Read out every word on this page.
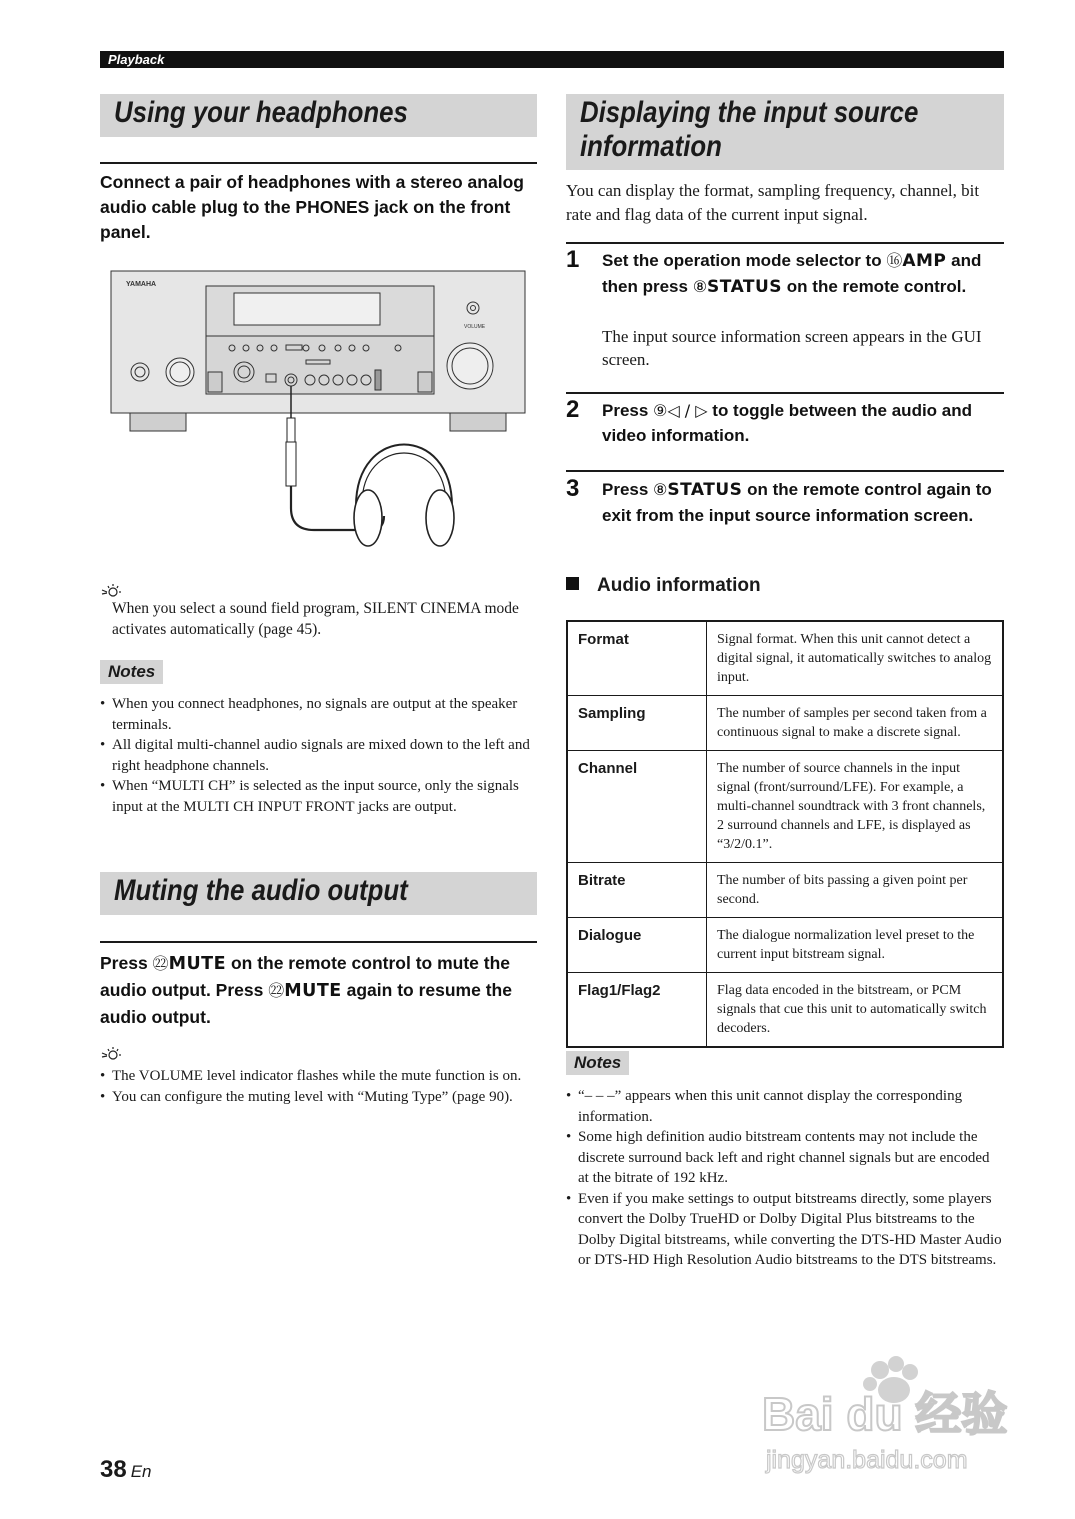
Playback
Using your headphones
Connect a pair of headphones with a stereo analog audio cable plug to the PHONES jack on the front panel.
YAMAHA
VOLUME
When you select a sound field program, SILENT CINEMA mode activates automatically (page 45).
Notes
• When you connect headphones, no signals are output at the speaker terminals.
• All digital multi-channel audio signals are mixed down to the left and right headphone channels.
• When “MULTI CH” is selected as the input source, only the signals input at the MULTI CH INPUT FRONT jacks are output.
Muting the audio output
Press ㉒MUTE on the remote control to mute the audio output. Press ㉒MUTE again to resume the audio output.
• The VOLUME level indicator flashes while the mute function is on.
• You can configure the muting level with “Muting Type” (page 90).
Displaying the input source
information
You can display the format, sampling frequency, channel, bit rate and flag data of the current input signal.
1 Set the operation mode selector to ⑯AMP and then press ⑧STATUS on the remote control.
The input source information screen appears in the GUI screen.
2 Press ⑨◁ / ▷ to toggle between the audio and video information.
3 Press ⑧STATUS on the remote control again to exit from the input source information screen.
Audio information
Format	Signal format. When this unit cannot detect a digital signal, it automatically switches to analog input.
Sampling	The number of samples per second taken from a continuous signal to make a discrete signal.
Channel	The number of source channels in the input signal (front/surround/LFE). For example, a multi-channel soundtrack with 3 front channels, 2 surround channels and LFE, is displayed as “3/2/0.1”.
Bitrate	The number of bits passing a given point per second.
Dialogue	The dialogue normalization level preset to the current input bitstream signal.
Flag1/Flag2	Flag data encoded in the bitstream, or PCM signals that cue this unit to automatically switch decoders.
Notes
• “– – –” appears when this unit cannot display the corresponding information.
• Some high definition audio bitstream contents may not include the discrete surround back left and right channel signals but are encoded at the bitrate of 192 kHz.
• Even if you make settings to output bitstreams directly, some players convert the Dolby TrueHD or Dolby Digital Plus bitstreams to the Dolby Digital bitstreams, while converting the DTS-HD Master Audio or DTS-HD High Resolution Audio bitstreams to the DTS bitstreams.
38 En
Bai du 经验
jingyan.baidu.com
